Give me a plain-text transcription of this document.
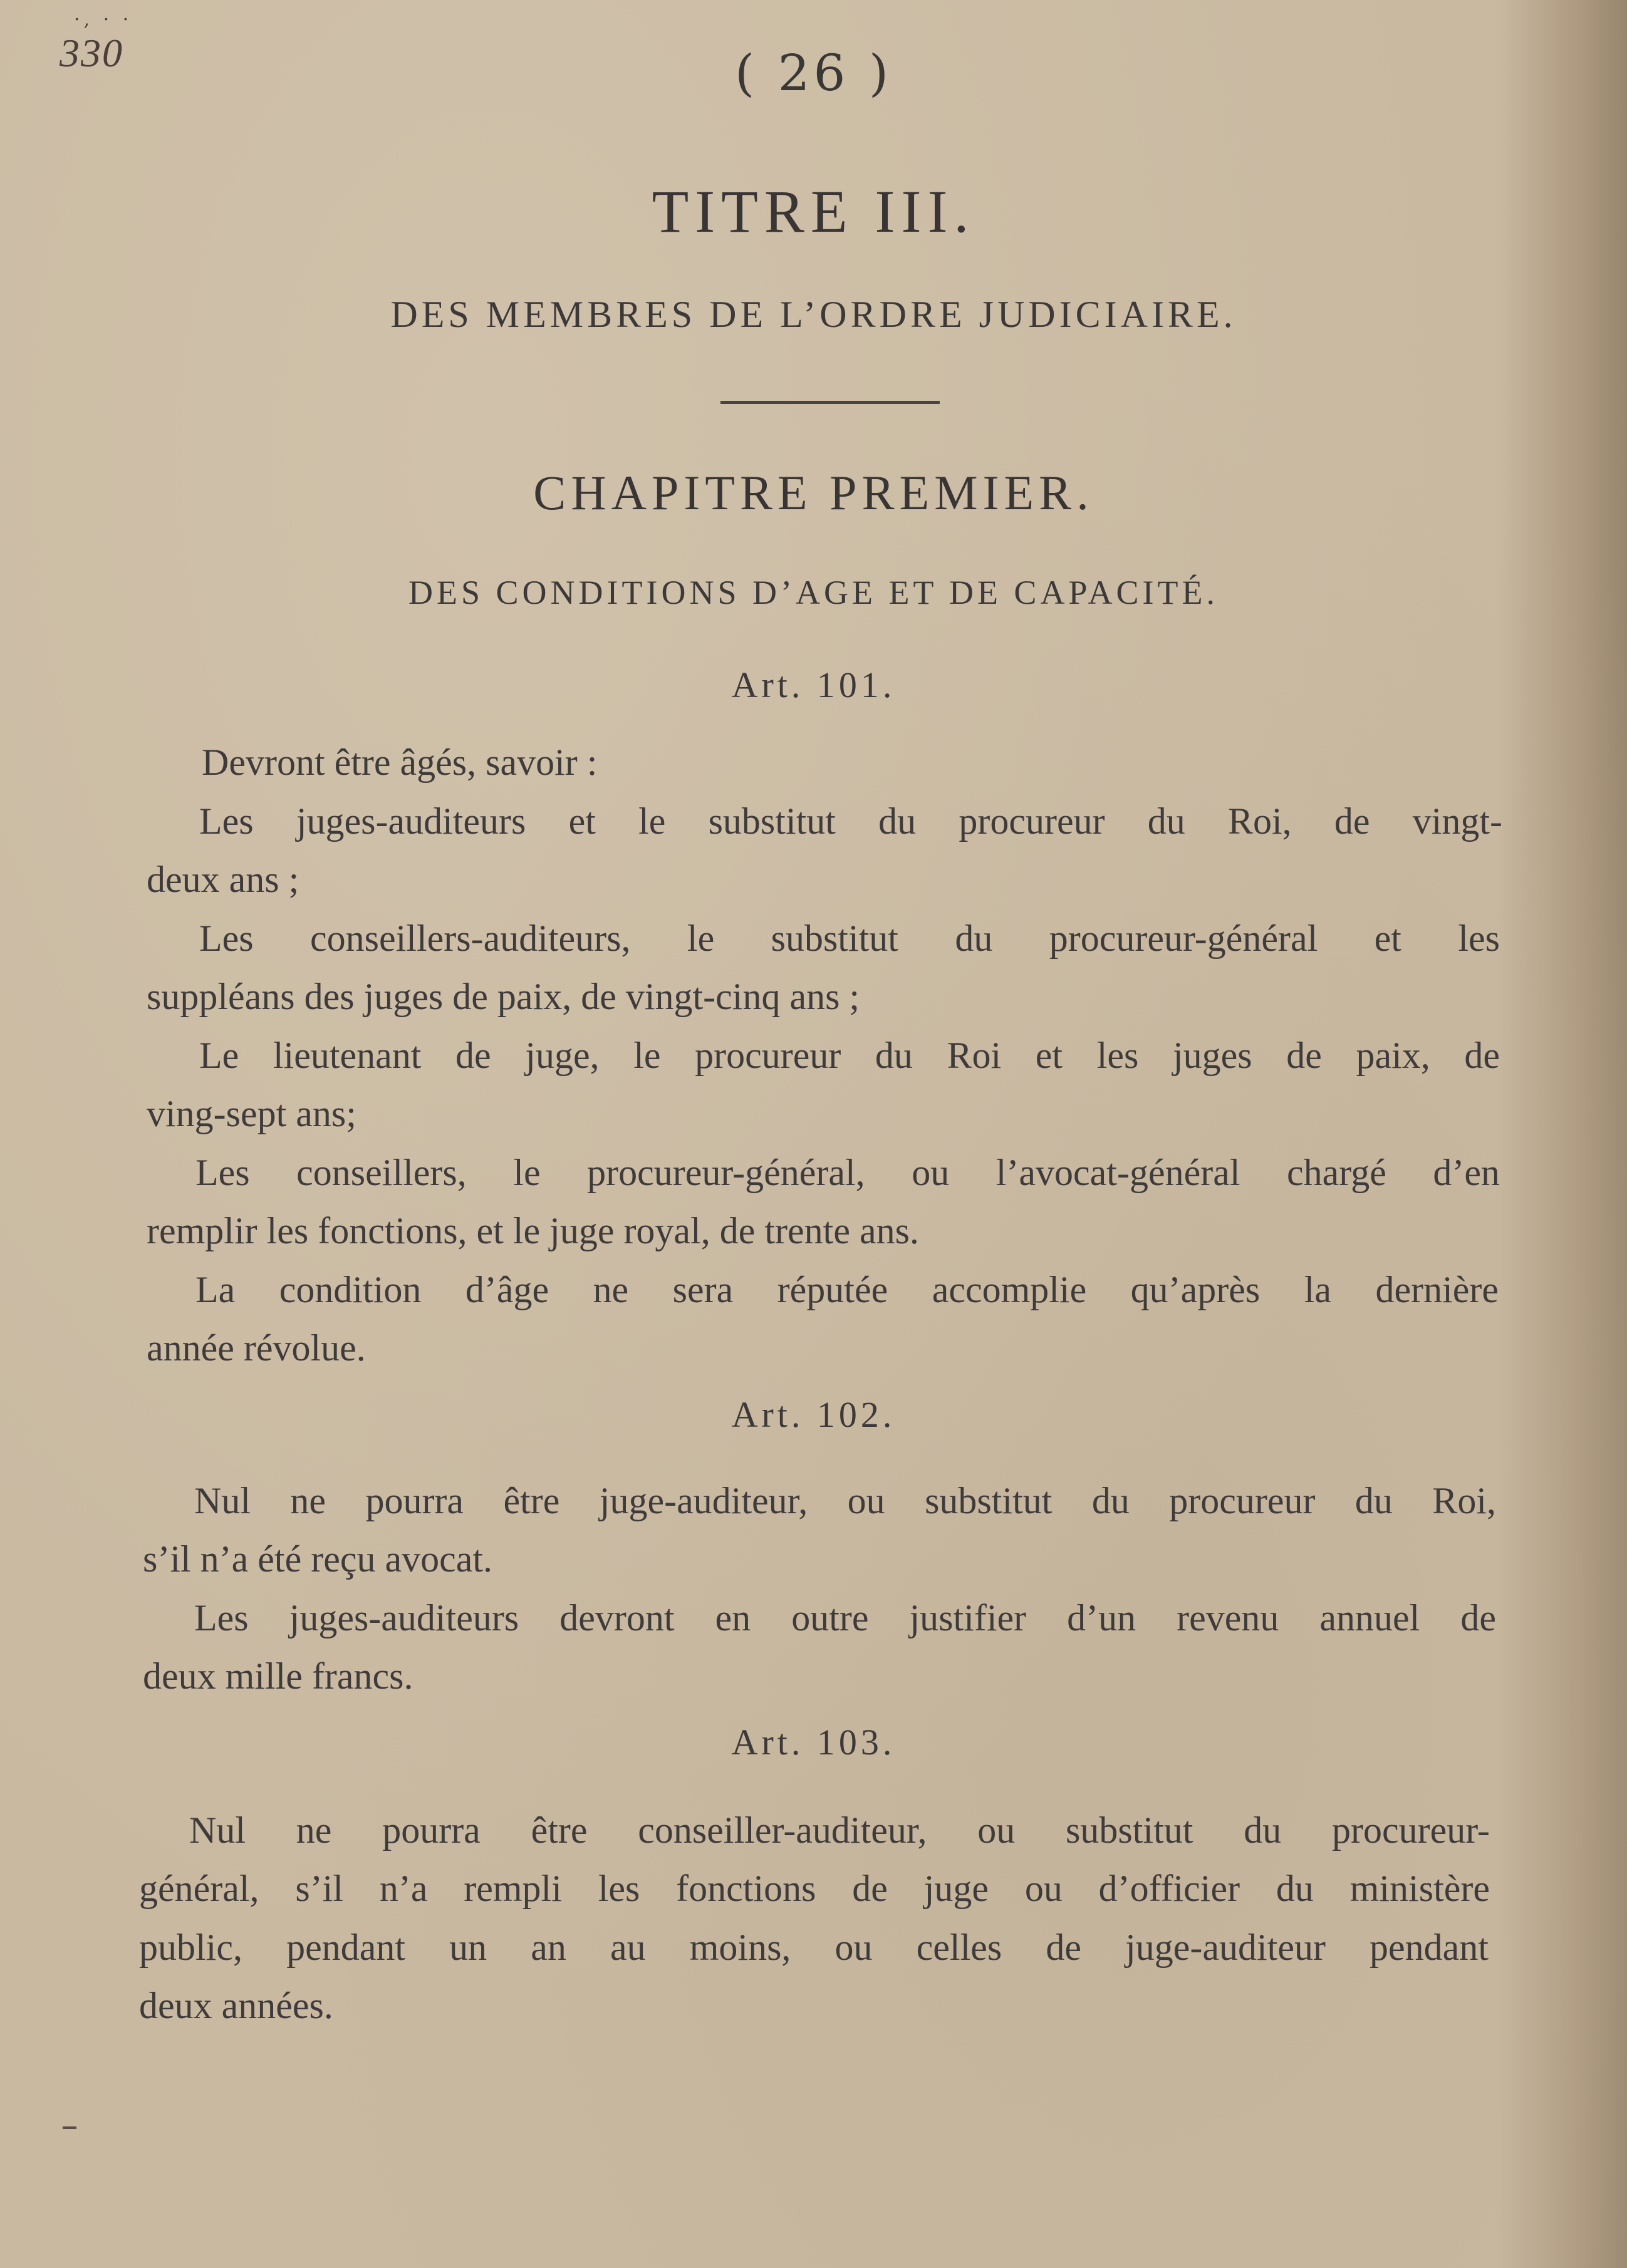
·, · ·
330	( 26 )
TITRE III.
DES MEMBRES DE L’ORDRE JUDICIAIRE.
CHAPITRE PREMIER.
DES CONDITIONS D’AGE ET DE CAPACITÉ.
Art. 101.
Devront être âgés, savoir :
Les juges-auditeurs et le substitut du procureur du Roi, de vingt-
deux ans ;
Les conseillers-auditeurs, le substitut du procureur-général et les
suppléans des juges de paix, de vingt-cinq ans ;
Le lieutenant de juge, le procureur du Roi et les juges de paix, de
ving-sept ans;
Les conseillers, le procureur-général, ou l’avocat-général chargé d’en
remplir les fonctions, et le juge royal, de trente ans.
La condition d’âge ne sera réputée accomplie qu’après la dernière
année révolue.
Art. 102.
Nul ne pourra être juge-auditeur, ou substitut du procureur du Roi,
s’il n’a été reçu avocat.
Les juges-auditeurs devront en outre justifier d’un revenu annuel de
deux mille francs.
Art. 103.
Nul ne pourra être conseiller-auditeur, ou substitut du procureur-
général, s’il n’a rempli les fonctions de juge ou d’officier du ministère
public, pendant un an au moins, ou celles de juge-auditeur pendant
deux années.
